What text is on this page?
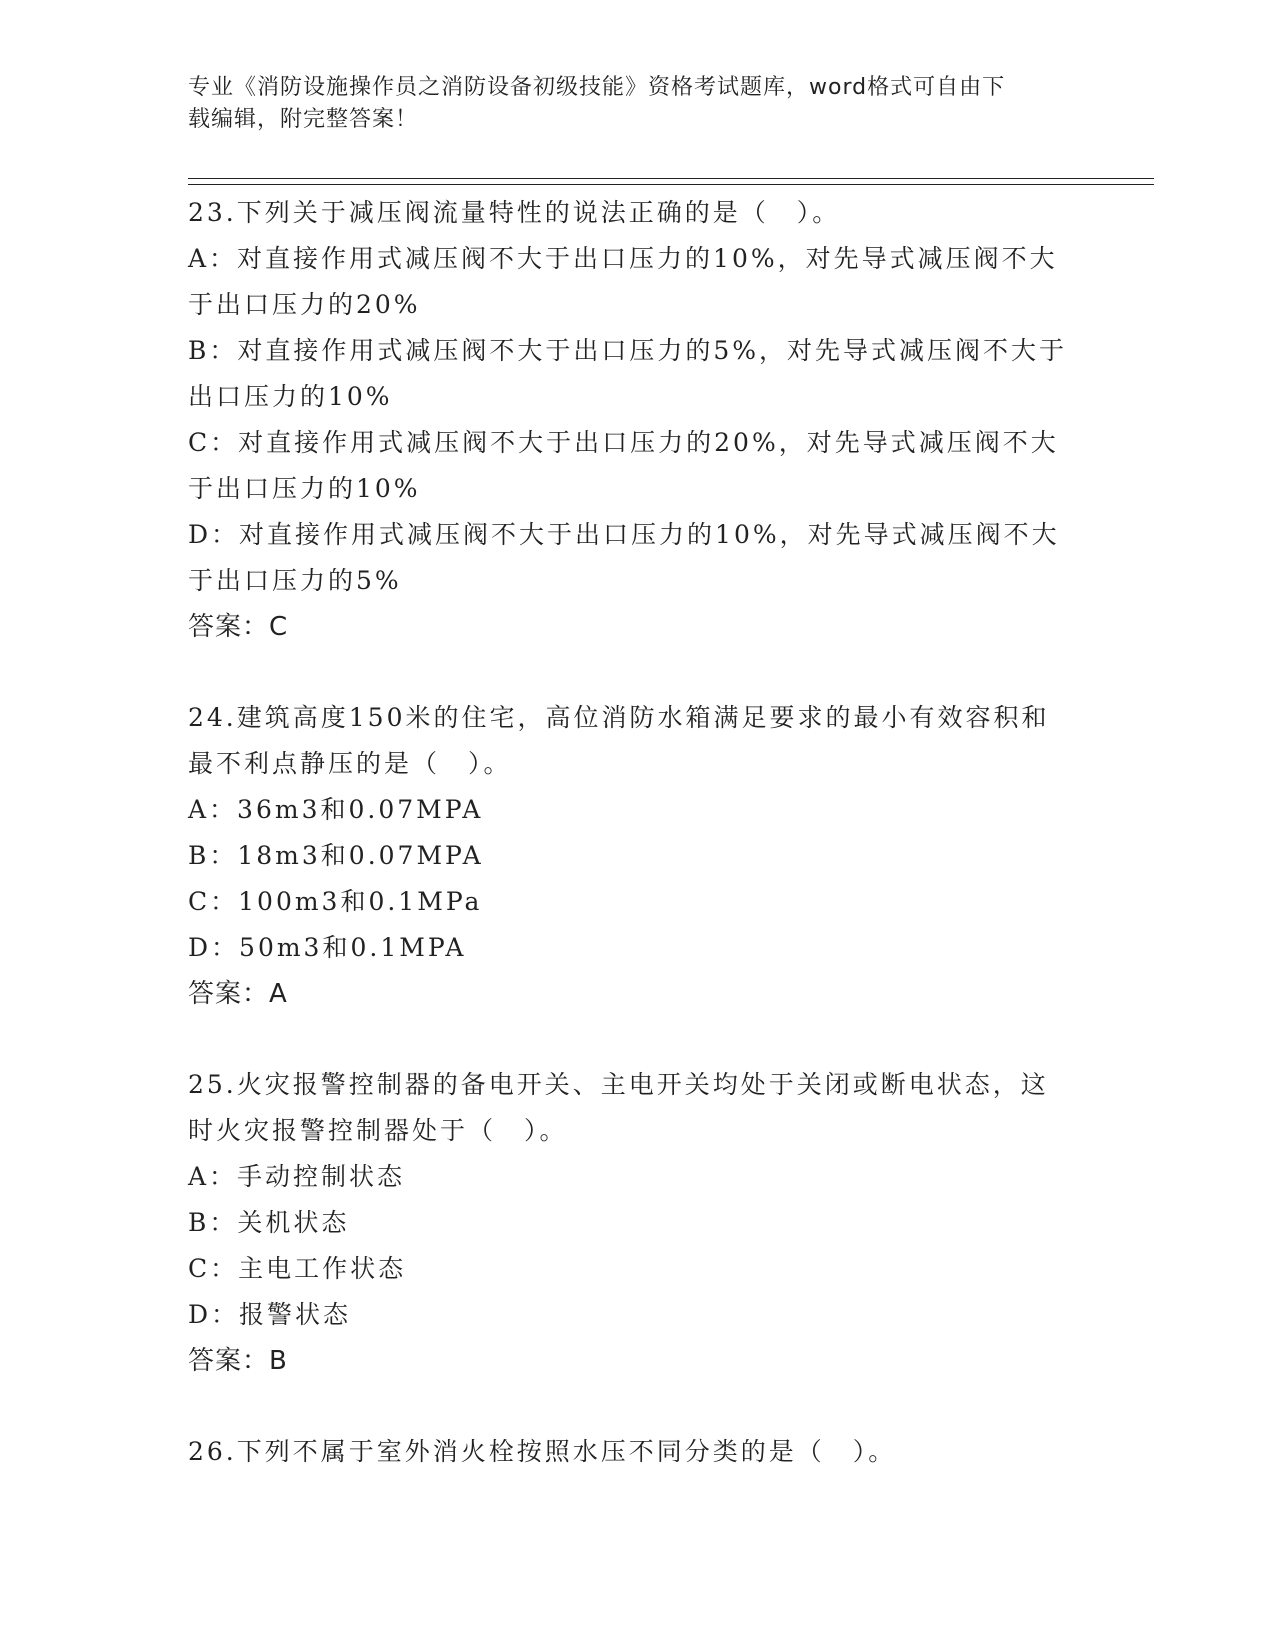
专业《消防设施操作员之消防设备初级技能》资格考试题库，word格式可自由下
载编辑，附完整答案！
23.下列关于减压阀流量特性的说法正确的是（　）。
A：对直接作用式减压阀不大于出口压力的10%，对先导式减压阀不大
于出口压力的20%
B：对直接作用式减压阀不大于出口压力的5%，对先导式减压阀不大于
出口压力的10%
C：对直接作用式减压阀不大于出口压力的20%，对先导式减压阀不大
于出口压力的10%
D：对直接作用式减压阀不大于出口压力的10%，对先导式减压阀不大
于出口压力的5%
答案：C
24.建筑高度150米的住宅，高位消防水箱满足要求的最小有效容积和
最不利点静压的是（　）。
A：36m3和0.07MPA
B：18m3和0.07MPA
C：100m3和0.1MPa
D：50m3和0.1MPA
答案：A
25.火灾报警控制器的备电开关、主电开关均处于关闭或断电状态，这
时火灾报警控制器处于（　）。
A：手动控制状态
B：关机状态
C：主电工作状态
D：报警状态
答案：B
26.下列不属于室外消火栓按照水压不同分类的是（　）。
